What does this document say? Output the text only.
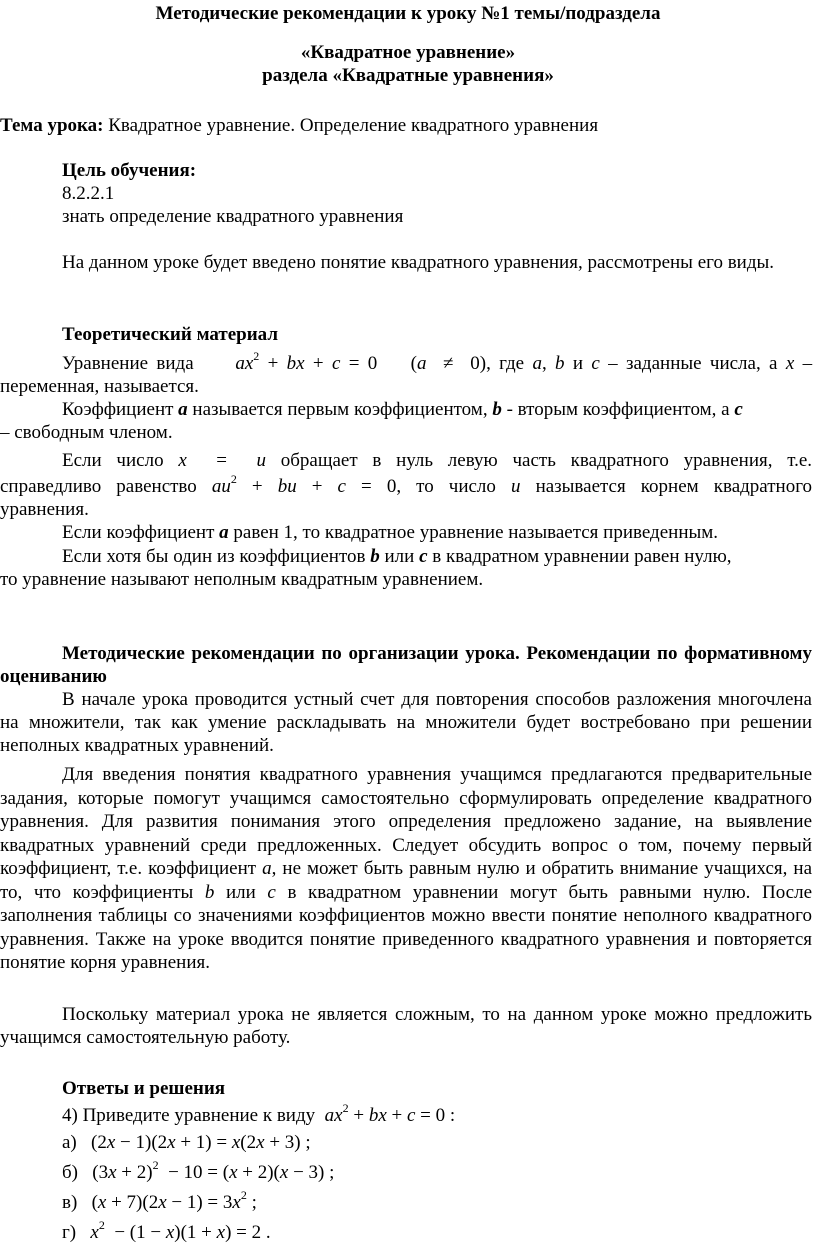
Методические рекомендации к уроку №1 темы/подраздела
«Квадратное уравнение»
раздела «Квадратные уравнения»
Тема урока: Квадратное уравнение. Определение квадратного уравнения
Цель обучения:
8.2.2.1
знать определение квадратного уравнения
На данном уроке будет введено понятие квадратного уравнения, рассмотрены его виды.
Теоретический материал
Уравнение вида $ax^2$ + bx + c = 0 (a  ≠  0), где a, b и c – заданные числа, а x –
переменная, называется.
Коэффициент a называется первым коэффициентом, b - вторым коэффициентом, а c
– свободным членом.
Если число x  =  u обращает в нуль левую часть квадратного уравнения, т.е.
справедливо равенство $au^2$ + bu + c = 0, то число u называется корнем квадратного
уравнения.
Если коэффициент a равен 1, то квадратное уравнение называется приведенным.
Если хотя бы один из коэффициентов b или c в квадратном уравнении равен нулю,
то уравнение называют неполным квадратным уравнением.
Методические рекомендации по организации урока. Рекомендации по формативному оцениванию
В начале урока проводится устный счет для повторения способов разложения многочлена на множители, так как умение раскладывать на множители будет востребовано при решении неполных квадратных уравнений.
Для введения понятия квадратного уравнения учащимся предлагаются предварительные задания, которые помогут учащимся самостоятельно сформулировать определение квадратного уравнения. Для развития понимания этого определения предложено задание, на выявление квадратных уравнений среди предложенных. Следует обсудить вопрос о том, почему первый коэффициент, т.е. коэффициент a, не может быть равным нулю и обратить внимание учащихся, на то, что коэффициенты b или c в квадратном уравнении могут быть равными нулю. После заполнения таблицы со значениями коэффициентов можно ввести понятие неполного квадратного уравнения. Также на уроке вводится понятие приведенного квадратного уравнения и повторяется понятие корня уравнения.
Поскольку материал урока не является сложным, то на данном уроке можно предложить учащимся самостоятельную работу.
Ответы и решения
4) Приведите уравнение к виду $ax^2$ + bx + c = 0 :
а) (2x − 1)(2x + 1) = x(2x + 3) ;
б) $(3x + 2)^2 - 10 = (x + 2)(x - 3)$ ;
в) $(x + 7)(2x - 1) = 3x^2$ ;
г) $x^2 - (1 - x)(1 + x) = 2$ .
